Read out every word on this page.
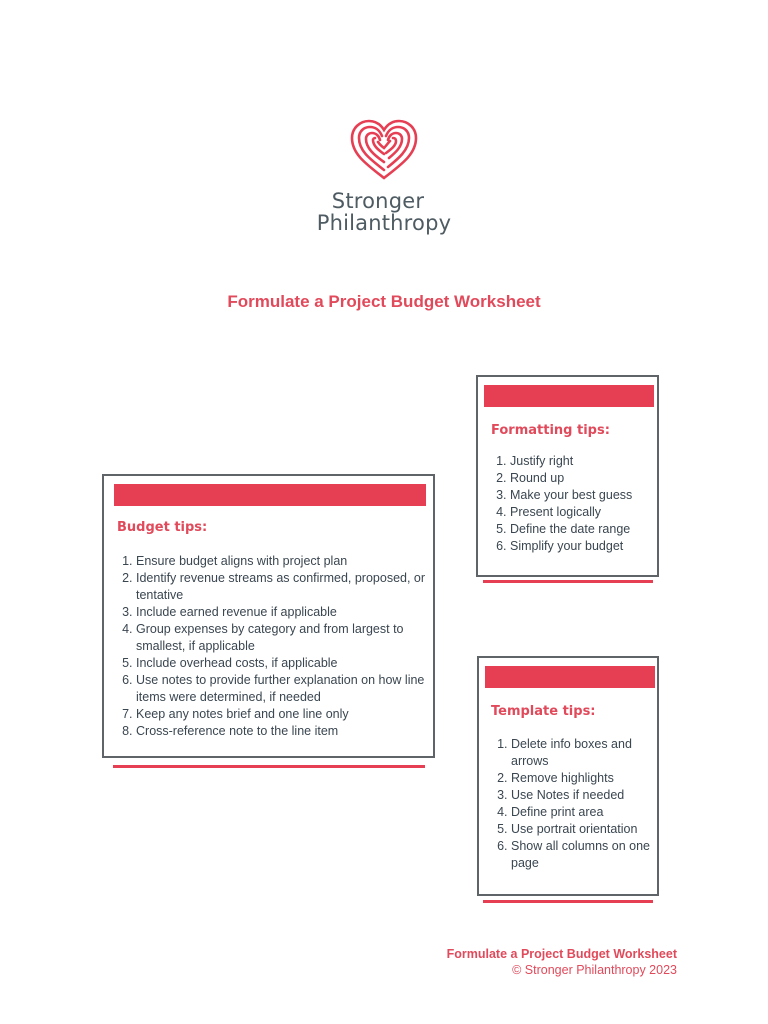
Stronger
Philanthropy
Formulate a Project Budget Worksheet
Budget tips:
1. Ensure budget aligns with project plan
2. Identify revenue streams as confirmed, proposed, or tentative
3. Include earned revenue if applicable
4. Group expenses by category and from largest to smallest, if applicable
5. Include overhead costs, if applicable
6. Use notes to provide further explanation on how line items were determined, if needed
7. Keep any notes brief and one line only
8. Cross-reference note to the line item
Formatting tips:
1. Justify right
2. Round up
3. Make your best guess
4. Present logically
5. Define the date range
6. Simplify your budget
Template tips:
1. Delete info boxes and arrows
2. Remove highlights
3. Use Notes if needed
4. Define print area
5. Use portrait orientation
6. Show all columns on one page
Formulate a Project Budget Worksheet
© Stronger Philanthropy 2023
